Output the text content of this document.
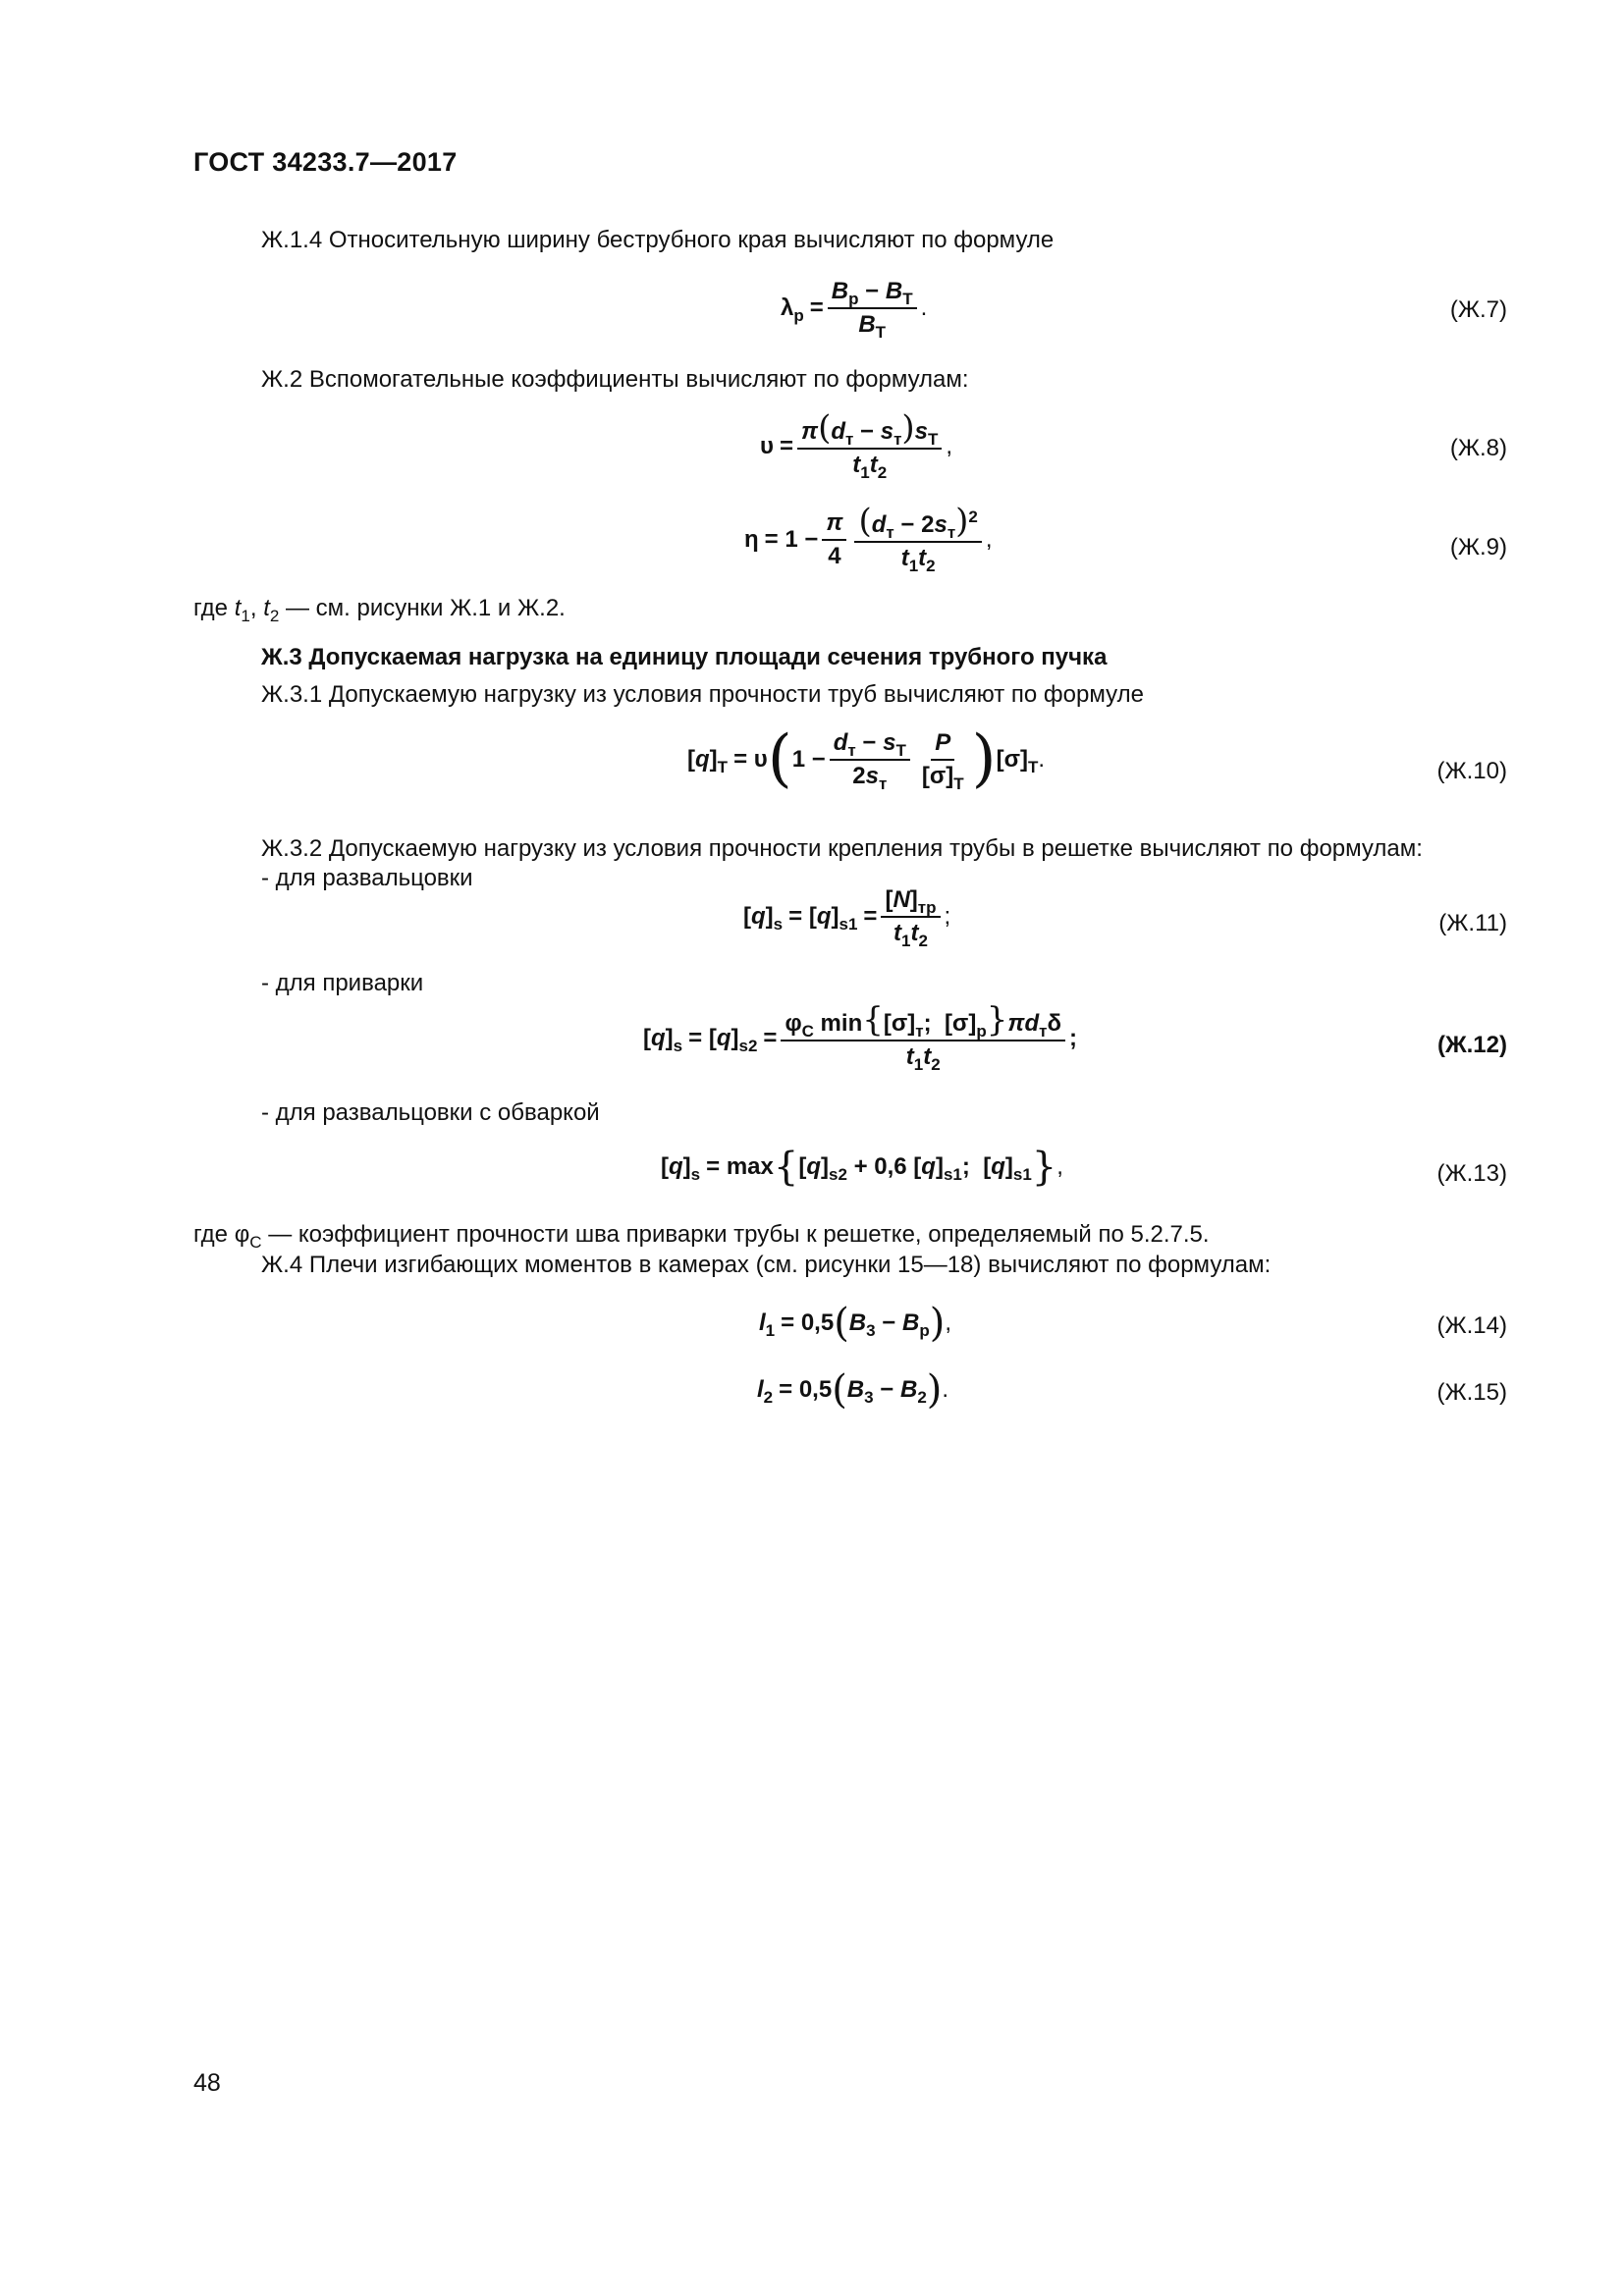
ГОСТ 34233.7—2017
Ж.1.4 Относительную ширину беструбного края вычисляют по формуле
$\lambda_p = \frac{B_p - B_T}{B_T}$ .	(Ж.7)
Ж.2 Вспомогательные коэффициенты вычисляют по формулам:
$\upsilon = \frac{\pi(d_т - s_т)s_T}{t_1t_2}$ ,	(Ж.8)
$\eta = 1 - \frac{\pi}{4} \frac{(d_т - 2s_т)^2}{t_1t_2}$ ,	(Ж.9)
где $t_1$, $t_2$ — см. рисунки Ж.1 и Ж.2.
Ж.3 Допускаемая нагрузка на единицу площади сечения трубного пучка
Ж.3.1 Допускаемую нагрузку из условия прочности труб вычисляют по формуле
$[q]_T = \upsilon$ ( $1 - \frac{d_т - s_T}{2s_т} \frac{P}{[\sigma]_T}$ ) $[\sigma]_T$ .	(Ж.10)
Ж.3.2 Допускаемую нагрузку из условия прочности крепления трубы в решетке вычисляют по формулам:
- для развальцовки
$[q]_s = [q]_{s1} = \frac{[N]_{тр}}{t_1t_2}$ ;	(Ж.11)
- для приварки
$[q]_s = [q]_{s2} = \frac{\varphi_C \min\{[\sigma]_т; [\sigma]_p\}\pi d_т\delta}{t_1t_2}$ ;	(Ж.12)
- для развальцовки с обваркой
$[q]_s = \max$ { $[q]_{s2} + 0,6$ $[q]_{s1}$;  $[q]_{s1}$ } ,	(Ж.13)
где $\varphi_C$ — коэффициент прочности шва приварки трубы к решетке, определяемый по 5.2.7.5.
Ж.4 Плечи изгибающих моментов в камерах (см. рисунки 15—18) вычисляют по формулам:
$l_1 = 0,5$ ( $B_3 - B_p$ ) ,	(Ж.14)
$l_2 = 0,5$ ( $B_3 - B_2$ ) .	(Ж.15)
48
